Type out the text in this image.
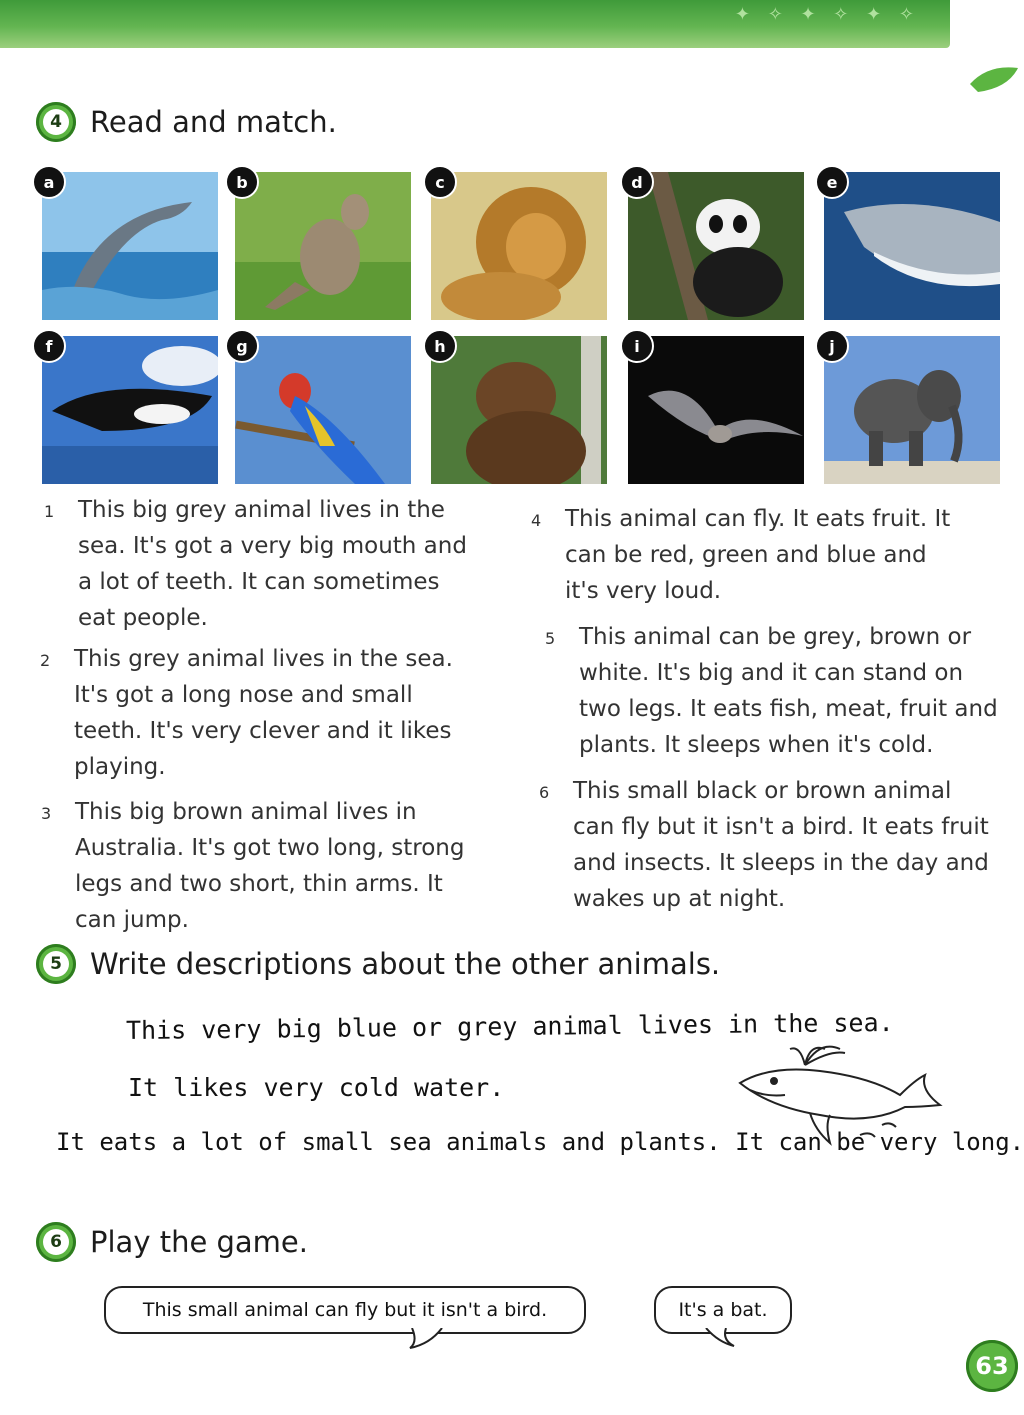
✦ ✧ ✦ ✧ ✦ ✧
4 Read and match.
a	b	c	d	e
f	g	h	i	j
1 This big grey animal lives in the

sea. It's got a very big mouth and

a lot of teeth. It can sometimes

eat people.

2 This grey animal lives in the sea.

It's got a long nose and small

teeth. It's very clever and it likes

playing.

3 This big brown animal lives in

Australia. It's got two long, strong

legs and two short, thin arms. It

can jump.

4 This animal can fly. It eats fruit. It

can be red, green and blue and

it's very loud.

5 This animal can be grey, brown or

white. It's big and it can stand on

two legs. It eats fish, meat, fruit and

plants. It sleeps when it's cold.

6 This small black or brown animal

can fly but it isn't a bird. It eats fruit

and insects. It sleeps in the day and

wakes up at night.

5 Write descriptions about the other animals.
This very big blue or grey animal lives in the sea.
It likes very cold water.
It eats a lot of small sea animals and plants. It can be very long.
6 Play the game.
This small animal can fly but it isn't a bird.	It's a bat.
63
